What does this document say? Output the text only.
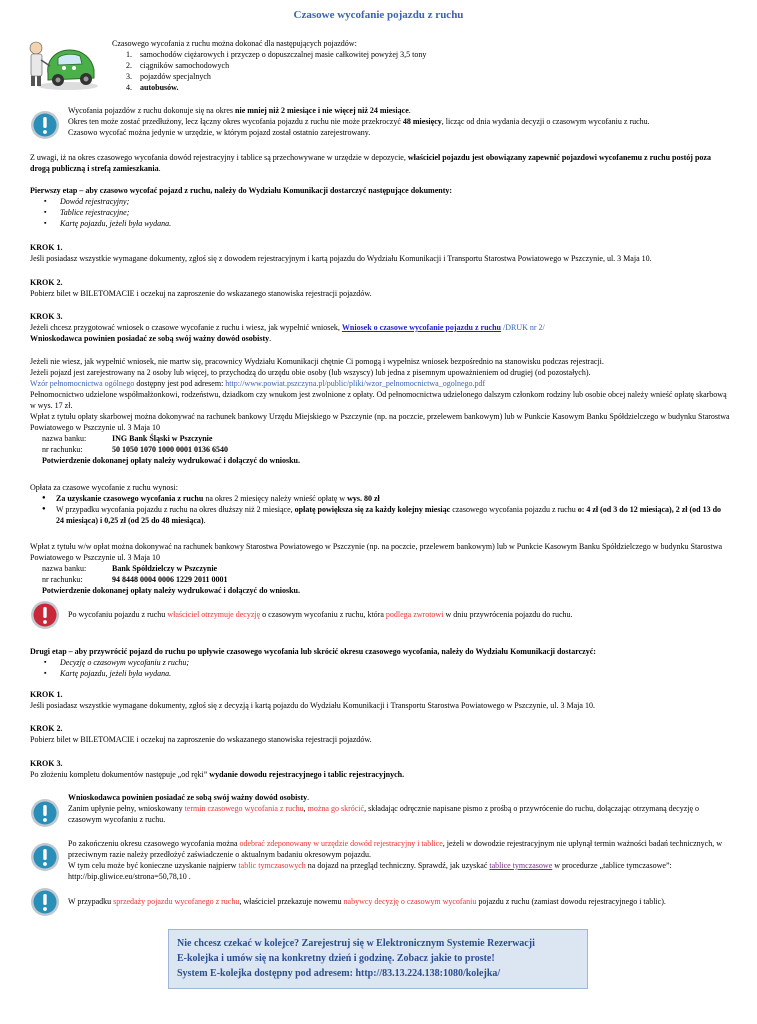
Czasowe wycofanie pojazdu z ruchu

Czasowego wycofania z ruchu można dokonać dla następujących pojazdów:

1. samochodów ciężarowych i przyczep o dopuszczalnej masie całkowitej powyżej 3,5 tony
2. ciągników samochodowych
3. pojazdów specjalnych
4. autobusów.

Wycofania pojazdów z ruchu dokonuje się na okres nie mniej niż 2 miesiące i nie więcej niż 24 miesiące.

Okres ten może zostać przedłużony, lecz łączny okres wycofania pojazdu z ruchu nie może przekroczyć 48 miesięcy, licząc od dnia wydania decyzji o czasowym wycofaniu z ruchu.

Czasowo wycofać można jedynie w urzędzie, w którym pojazd został ostatnio zarejestrowany.

Z uwagi, iż na okres czasowego wycofania dowód rejestracyjny i tablice są przechowywane w urzędzie w depozycie, właściciel pojazdu jest obowiązany zapewnić pojazdowi wycofanemu z ruchu postój poza drogą publiczną i strefą zamieszkania.

Pierwszy etap – aby czasowo wycofać pojazd z ruchu, należy do Wydziału Komunikacji dostarczyć następujące dokumenty:

▪ Dowód rejestracyjny;
▪ Tablice rejestracyjne;
▪ Kartę pojazdu, jeżeli była wydana.

KROK 1.

Jeśli posiadasz wszystkie wymagane dokumenty, zgłoś się z dowodem rejestracyjnym i kartą pojazdu do Wydziału Komunikacji i Transportu Starostwa Powiatowego w Pszczynie, ul. 3 Maja 10.

KROK 2.

Pobierz bilet w BILETOMACIE i oczekuj na zaproszenie do wskazanego stanowiska rejestracji pojazdów.

KROK 3.

Jeżeli chcesz przygotować wniosek o czasowe wycofanie z ruchu i wiesz, jak wypełnić wniosek, Wniosek o czasowe wycofanie pojazdu z ruchu /DRUK nr 2/

Wnioskodawca powinien posiadać ze sobą swój ważny dowód osobisty.

Jeżeli nie wiesz, jak wypełnić wniosek, nie martw się, pracownicy Wydziału Komunikacji chętnie Ci pomogą i wypełnisz wniosek bezpośrednio na stanowisku podczas rejestracji.

Jeżeli pojazd jest zarejestrowany na 2 osoby lub więcej, to przychodzą do urzędu obie osoby (lub wszyscy) lub jedna z pisemnym upoważnieniem od drugiej (od pozostałych).

Wzór pełnomocnictwa ogólnego dostępny jest pod adresem: http://www.powiat.pszczyna.pl/public/pliki/wzor_pelnomocnictwa_ogolnego.pdf

Pełnomocnictwo udzielone współmałżonkowi, rodzeństwu, dziadkom czy wnukom jest zwolnione z opłaty. Od pełnomocnictwa udzielonego dalszym członkom rodziny lub osobie obcej należy wnieść opłatę skarbową w wys. 17 zł.

Wpłat z tytułu opłaty skarbowej można dokonywać na rachunek bankowy Urzędu Miejskiego w Pszczynie (np. na poczcie, przelewem bankowym) lub w Punkcie Kasowym Banku Spółdzielczego w budynku Starostwa Powiatowego w Pszczynie ul. 3 Maja 10

nazwa banku:	ING Bank Śląski w Pszczynie

nr rachunku:	50 1050 1070 1000 0001 0136 6540

Potwierdzenie dokonanej opłaty należy wydrukować i dołączyć do wniosku.

Opłata za czasowe wycofanie z ruchu wynosi:

● Za uzyskanie czasowego wycofania z ruchu na okres 2 miesięcy należy wnieść opłatę w wys. 80 zł
● W przypadku wycofania pojazdu z ruchu na okres dłuższy niż 2 miesiące, opłatę powiększa się za każdy kolejny miesiąc czasowego wycofania pojazdu z ruchu o: 4 zł (od 3 do 12 miesiąca), 2 zł (od 13 do 24 miesiąca) i 0,25 zł (od 25 do 48 miesiąca).

Wpłat z tytułu w/w opłat można dokonywać na rachunek bankowy Starostwa Powiatowego w Pszczynie (np. na poczcie, przelewem bankowym) lub w Punkcie Kasowym Banku Spółdzielczego w budynku Starostwa Powiatowego w Pszczynie ul. 3 Maja 10

nazwa banku:	Bank Spółdzielczy w Pszczynie

nr rachunku:	94 8448 0004 0006 1229 2011 0001

Potwierdzenie dokonanej opłaty należy wydrukować i dołączyć do wniosku.

Po wycofaniu pojazdu z ruchu właściciel otrzymuje decyzję o czasowym wycofaniu z ruchu, która podlega zwrotowi w dniu przywrócenia pojazdu do ruchu.

Drugi etap – aby przywrócić pojazd do ruchu po upływie czasowego wycofania lub skrócić okresu czasowego wycofania, należy do Wydziału Komunikacji dostarczyć:

▪ Decyzję o czasowym wycofaniu z ruchu;
▪ Kartę pojazdu, jeżeli była wydana.

KROK 1.

Jeśli posiadasz wszystkie wymagane dokumenty, zgłoś się z decyzją i kartą pojazdu do Wydziału Komunikacji i Transportu Starostwa Powiatowego w Pszczynie, ul. 3 Maja 10.

KROK 2.

Pobierz bilet w BILETOMACIE i oczekuj na zaproszenie do wskazanego stanowiska rejestracji pojazdów.

KROK 3.

Po złożeniu kompletu dokumentów następuje „od ręki” wydanie dowodu rejestracyjnego i tablic rejestracyjnych.

Wnioskodawca powinien posiadać ze sobą swój ważny dowód osobisty.

Zanim upłynie pełny, wnioskowany termin czasowego wycofania z ruchu, można go skrócić, składając odręcznie napisane pismo z prośbą o przywrócenie do ruchu, dołączając otrzymaną decyzję o czasowym wycofaniu z ruchu.

Po zakończeniu okresu czasowego wycofania można odebrać zdeponowany w urzędzie dowód rejestracyjny i tablice, jeżeli w dowodzie rejestracyjnym nie upłynął termin ważności badań technicznych, w przeciwnym razie należy przedłożyć zaświadczenie o aktualnym badaniu okresowym pojazdu.

W tym celu może być konieczne uzyskanie najpierw tablic tymczasowych na dojazd na przegląd techniczny. Sprawdź, jak uzyskać tablice tymczasowe w procedurze „tablice tymczasowe”: http://bip.gliwice.eu/strona=50,78,10 .

W przypadku sprzedaży pojazdu wycofanego z ruchu, właściciel przekazuje nowemu nabywcy decyzję o czasowym wycofaniu pojazdu z ruchu (zamiast dowodu rejestracyjnego i tablic).

Nie chcesz czekać w kolejce? Zarejestruj się w Elektronicznym Systemie Rezerwacji
E-kolejka i umów się na konkretny dzień i godzinę. Zobacz jakie to proste!
System E-kolejka dostępny pod adresem: http://83.13.224.138:1080/kolejka/
